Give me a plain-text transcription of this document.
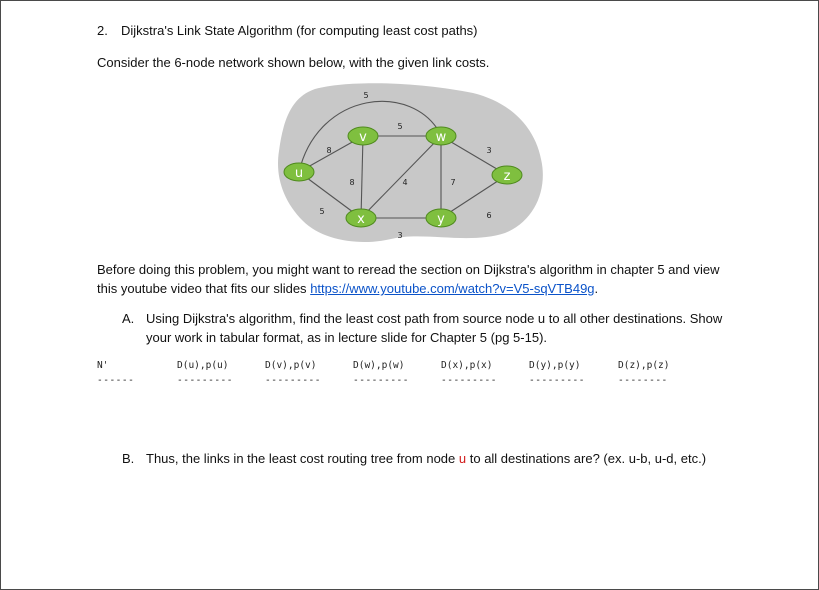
2. Dijkstra's Link State Algorithm (for computing least cost paths)
Consider the 6-node network shown below, with the given link costs.
5
5
8	3
8	4	7
5	6
3
u
v	w
x	y
z
Before doing this problem, you might want to reread the section on Dijkstra's algorithm in chapter 5 and view this youtube video that fits our slides https://www.youtube.com/watch?v=V5-sqVTB49g.
A. Using Dijkstra's algorithm, find the least cost path from source node u to all other destinations. Show your work in tabular format, as in lecture slide for Chapter 5 (pg 5-15).
N'	D(u),p(u)	D(v),p(v)	D(w),p(w)	D(x),p(x)	D(y),p(y)	D(z),p(z)
------	---------	---------	---------	---------	---------	--------
B. Thus, the links in the least cost routing tree from node u to all destinations are? (ex. u-b, u-d, etc.)
